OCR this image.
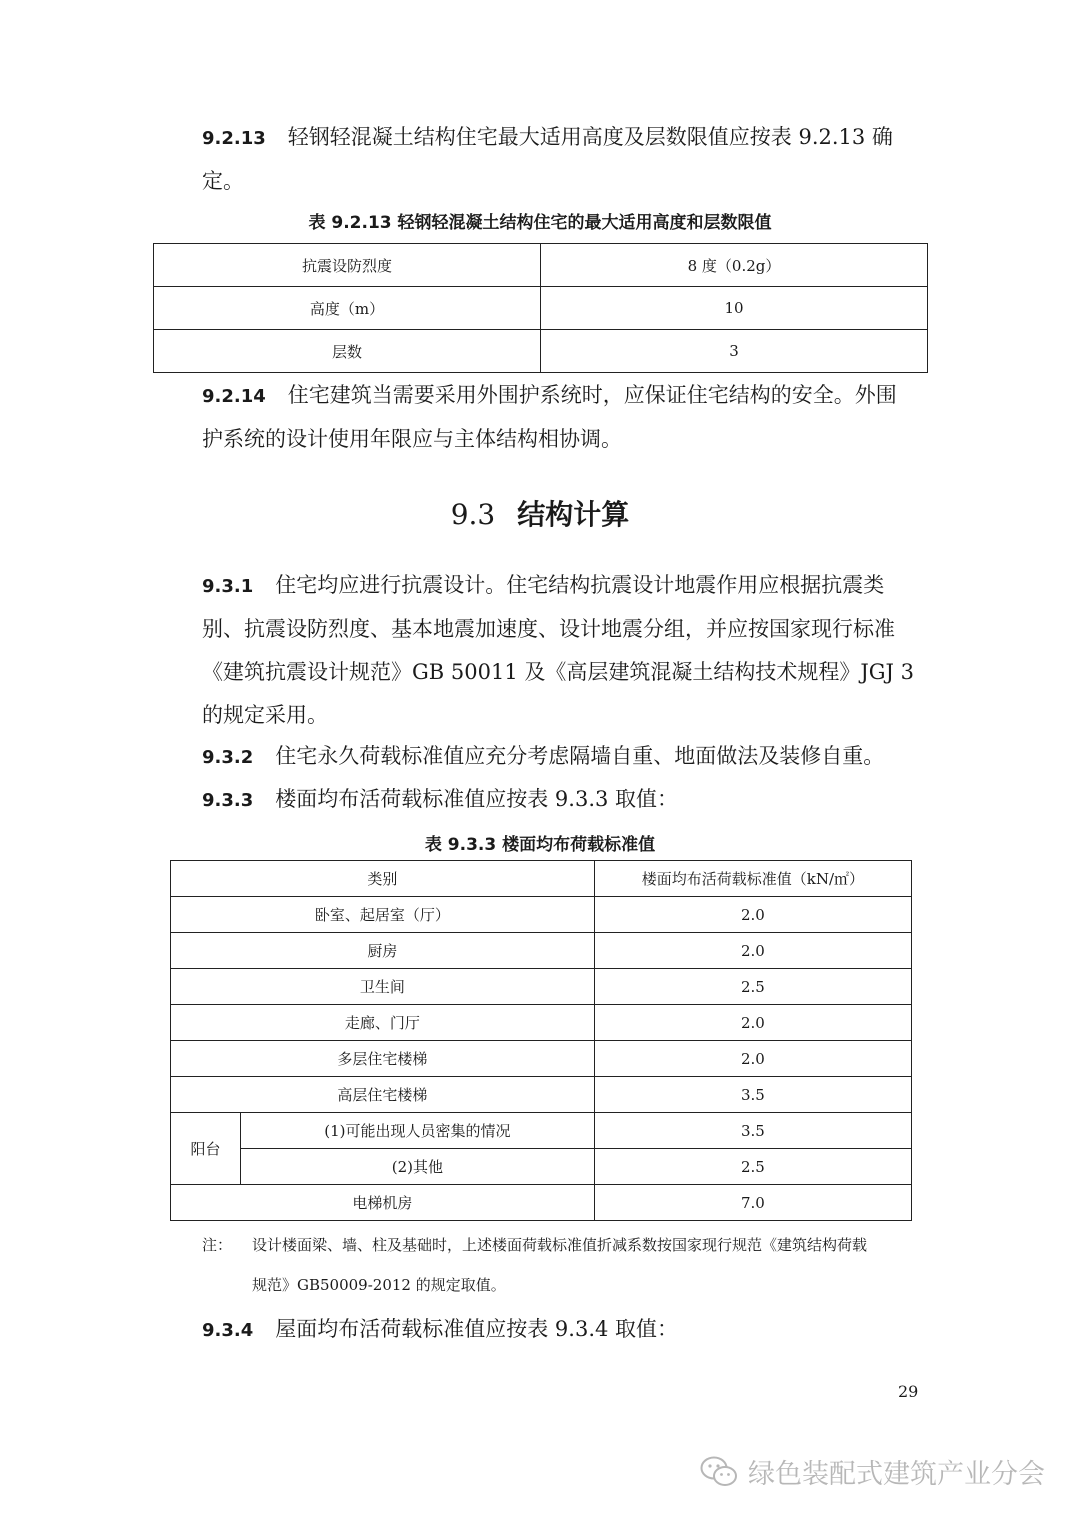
9.2.13 轻钢轻混凝土结构住宅最大适用高度及层数限值应按表 9.2.13 确
定。
表 9.2.13 轻钢轻混凝土结构住宅的最大适用高度和层数限值
抗震设防烈度	8 度（0.2g）
高度（m）	10
层数	3
9.2.14 住宅建筑当需要采用外围护系统时，应保证住宅结构的安全。外围
护系统的设计使用年限应与主体结构相协调。
9.3 结构计算
9.3.1 住宅均应进行抗震设计。住宅结构抗震设计地震作用应根据抗震类
别、抗震设防烈度、基本地震加速度、设计地震分组，并应按国家现行标准
《建筑抗震设计规范》GB 50011 及《高层建筑混凝土结构技术规程》JGJ 3
的规定采用。
9.3.2 住宅永久荷载标准值应充分考虑隔墙自重、地面做法及装修自重。
9.3.3 楼面均布活荷载标准值应按表 9.3.3 取值：
表 9.3.3 楼面均布荷载标准值
类别		楼面均布活荷载标准值（kN/㎡）
卧室、起居室（厅）		2.0
厨房		2.0
卫生间		2.5
走廊、门厅		2.0
多层住宅楼梯		2.0
高层住宅楼梯		3.5
阳台	(1)可能出现人员密集的情况	3.5
	(2)其他	2.5
电梯机房		7.0
注： 设计楼面梁、墙、柱及基础时，上述楼面荷载标准值折减系数按国家现行规范《建筑结构荷载
规范》GB50009-2012 的规定取值。
9.3.4 屋面均布活荷载标准值应按表 9.3.4 取值：
29
绿色装配式建筑产业分会
